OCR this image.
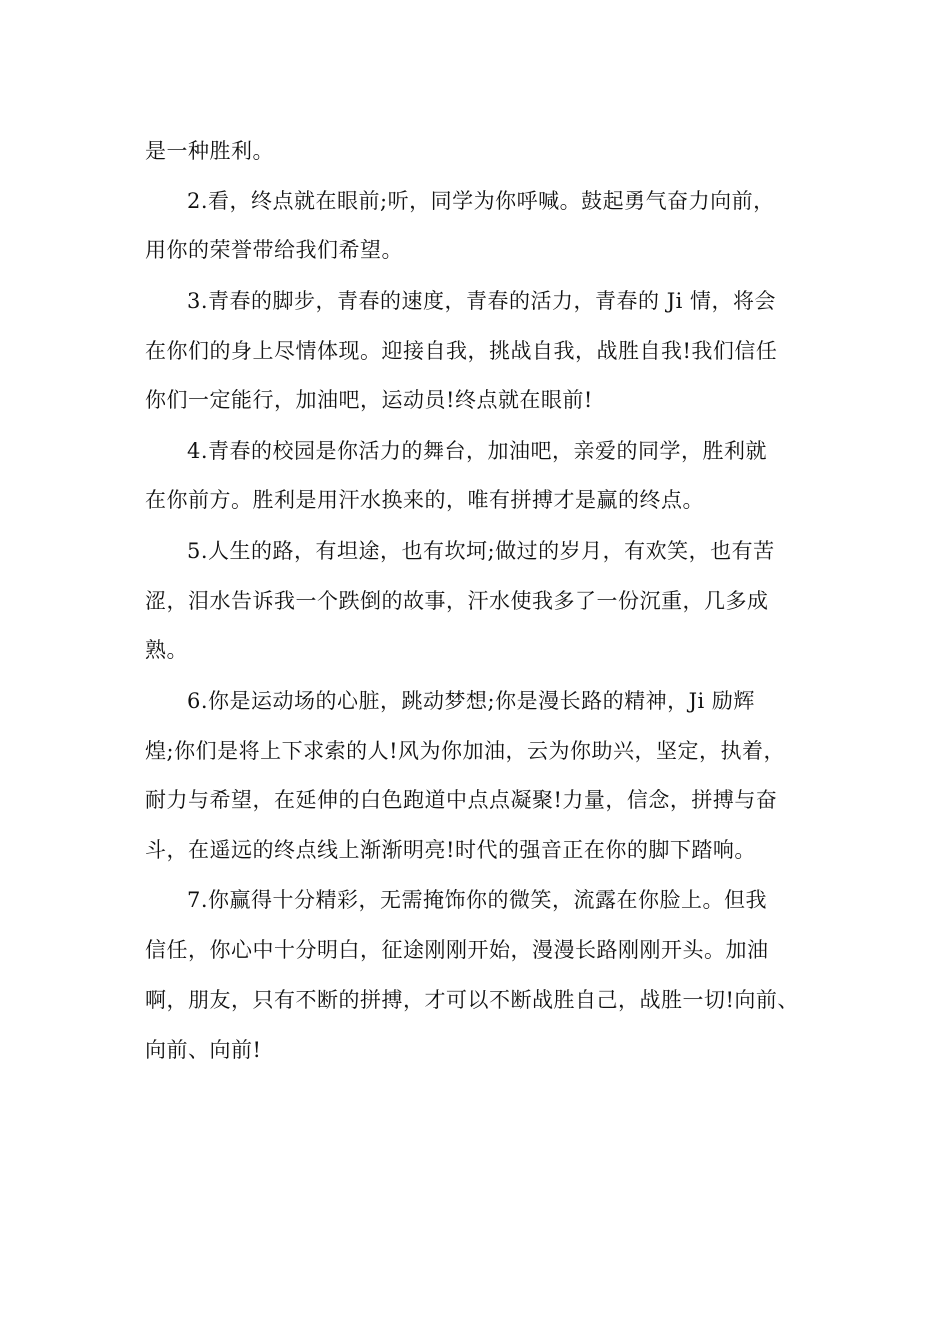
是一种胜利。

2.看，终点就在眼前;听，同学为你呼喊。鼓起勇气奋力向前，

用你的荣誉带给我们希望。

3.青春的脚步，青春的速度，青春的活力，青春的 Ji 情，将会

在你们的身上尽情体现。迎接自我，挑战自我，战胜自我!我们信任

你们一定能行，加油吧，运动员!终点就在眼前!

4.青春的校园是你活力的舞台，加油吧，亲爱的同学，胜利就

在你前方。胜利是用汗水换来的，唯有拼搏才是赢的终点。

5.人生的路，有坦途，也有坎坷;做过的岁月，有欢笑，也有苦

涩，泪水告诉我一个跌倒的故事，汗水使我多了一份沉重，几多成

熟。

6.你是运动场的心脏，跳动梦想;你是漫长路的精神，Ji 励辉

煌;你们是将上下求索的人!风为你加油，云为你助兴，坚定，执着，

耐力与希望，在延伸的白色跑道中点点凝聚!力量，信念，拼搏与奋

斗，在遥远的终点线上渐渐明亮!时代的强音正在你的脚下踏响。

7.你赢得十分精彩，无需掩饰你的微笑，流露在你脸上。但我

信任，你心中十分明白，征途刚刚开始，漫漫长路刚刚开头。加油

啊，朋友，只有不断的拼搏，才可以不断战胜自己，战胜一切!向前、

向前、向前!
